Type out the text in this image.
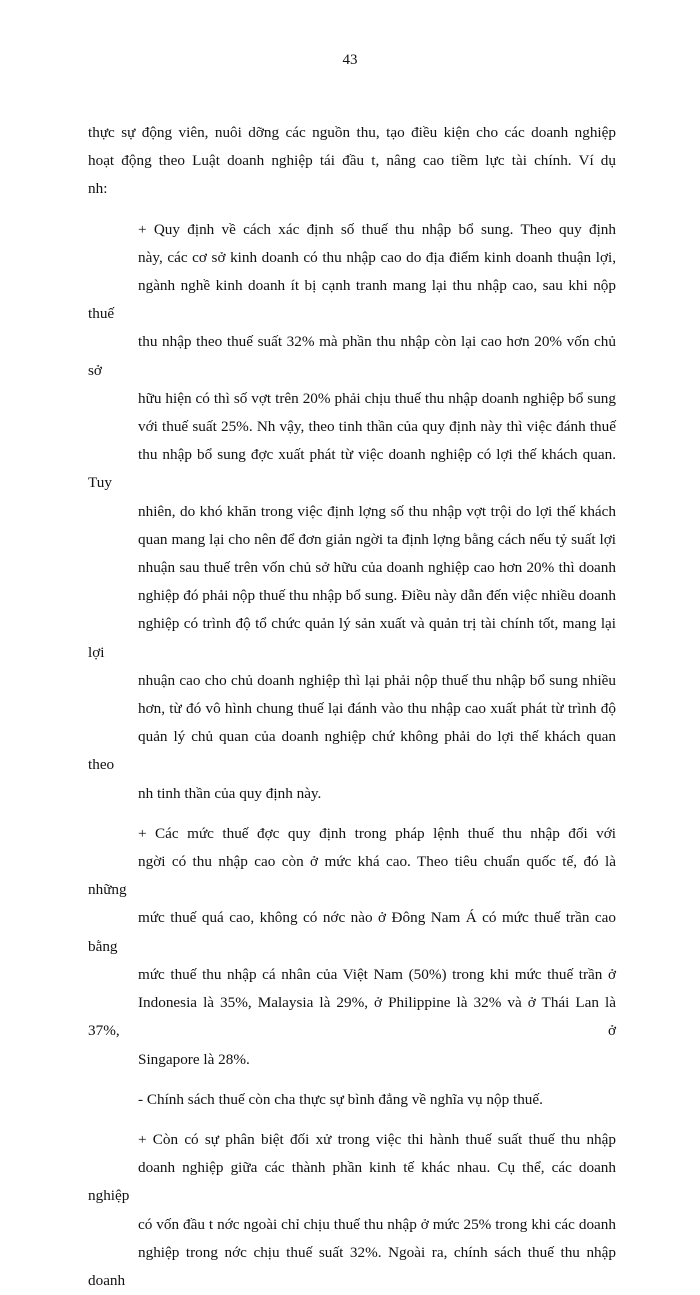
43

thực sự động viên, nuôi dỡng các nguồn thu, tạo điều kiện cho các doanh nghiệp
hoạt động theo Luật doanh nghiệp tái đầu t, nâng cao tiềm lực tài chính. Ví dụ
nh:

+ Quy định về cách xác định số thuế thu nhập bổ sung. Theo quy định
này, các cơ sở kinh doanh có thu nhập cao do địa điểm kinh doanh thuận lợi,
ngành nghề kinh doanh ít bị cạnh tranh mang lại thu nhập cao, sau khi nộp thuế
thu nhập theo thuế suất 32% mà phần thu nhập còn lại cao hơn 20% vốn chủ sở
hữu hiện có thì số vợt trên 20% phải chịu thuế thu nhập doanh nghiệp bổ sung
với thuế suất 25%. Nh vậy, theo tinh thần của quy định này thì việc đánh thuế
thu nhập bổ sung đợc xuất phát từ việc doanh nghiệp có lợi thế khách quan. Tuy
nhiên, do khó khăn trong việc định lợng số thu nhập vợt trội do lợi thế khách
quan mang lại cho nên để đơn giản ngời ta định lợng bằng cách nếu tỷ suất lợi
nhuận sau thuế trên vốn chủ sở hữu của doanh nghiệp cao hơn 20% thì doanh
nghiệp đó phải nộp thuế thu nhập bổ sung. Điều này dẫn đến việc nhiều doanh
nghiệp có trình độ tổ chức quản lý sản xuất và quản trị tài chính tốt, mang lại lợi
nhuận cao cho chủ doanh nghiệp thì lại phải nộp thuế thu nhập bổ sung nhiều
hơn, từ đó vô hình chung thuế lại đánh vào thu nhập cao xuất phát từ trình độ
quản lý chủ quan của doanh nghiệp chứ không phải do lợi thế khách quan theo
nh tinh thần của quy định này.

+ Các mức thuế đợc quy định trong pháp lệnh thuế thu nhập đối với
ngời có thu nhập cao còn ở mức khá cao. Theo tiêu chuẩn quốc tế, đó là những
mức thuế quá cao, không có nớc nào ở Đông Nam Á có mức thuế trần cao bằng
mức thuế thu nhập cá nhân của Việt Nam (50%) trong khi mức thuế trần ở
Indonesia là 35%, Malaysia là 29%, ở Philippine là 32% và ở Thái Lan là 37%, ở
Singapore là 28%.

- Chính sách thuế còn cha thực sự bình đẳng về nghĩa vụ nộp thuế.

+ Còn có sự phân biệt đối xử trong việc thi hành thuế suất thuế thu nhập
doanh nghiệp giữa các thành phần kinh tế khác nhau. Cụ thể, các doanh nghiệp
có vốn đầu t nớc ngoài chỉ chịu thuế thu nhập ở mức 25% trong khi các doanh
nghiệp trong nớc chịu thuế suất 32%. Ngoài ra, chính sách thuế thu nhập doanh
